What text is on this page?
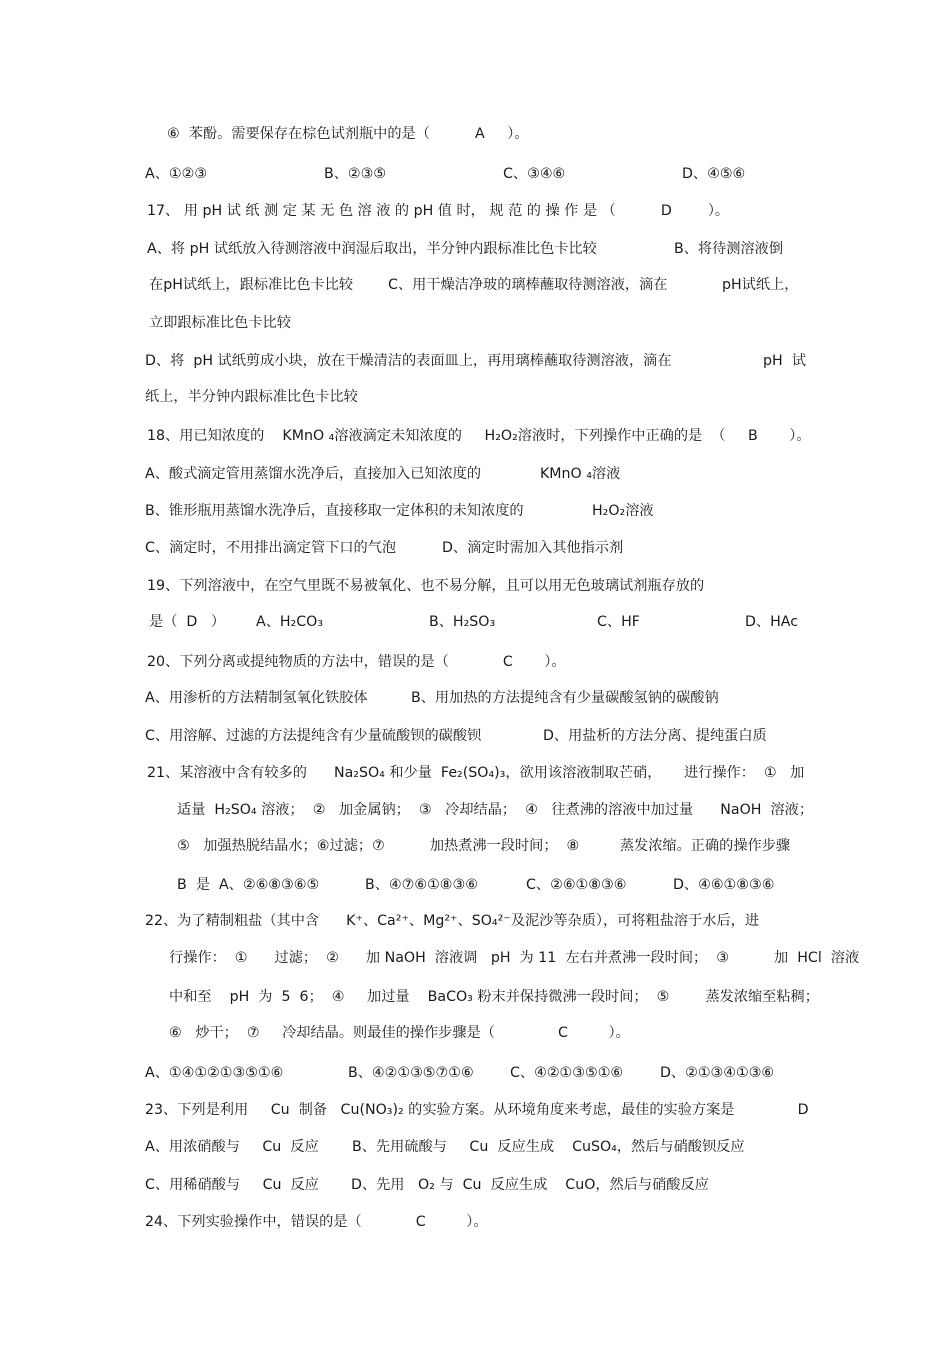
⑥  苯酚。需要保存在棕色试剂瓶中的是（          A     ）。
A、①②③	B、②③⑤	C、③④⑥	D、④⑤⑥
17、 用 pH 试 纸 测 定 某 无 色 溶 液 的 pH 值 时， 规 范 的 操 作 是 （          D        ）。
A、将 pH 试纸放入待测溶液中润湿后取出，半分钟内跟标准比色卡比较	B、将待测溶液倒
在pH试纸上，跟标准比色卡比较 C、用干燥洁净玻的璃棒蘸取待测溶液，滴在	pH试纸上，
立即跟标准比色卡比较
D、将  pH 试纸剪成小块，放在干燥清洁的表面皿上，再用璃棒蘸取待测溶液，滴在	pH  试
纸上，半分钟内跟标准比色卡比较
18、用已知浓度的    KMnO ₄溶液滴定未知浓度的     H₂O₂溶液时，下列操作中正确的是  （     B       ）。
A、酸式滴定管用蒸馏水洗净后，直接加入已知浓度的	KMnO ₄溶液
B、锥形瓶用蒸馏水洗净后，直接移取一定体积的未知浓度的	H₂O₂溶液
C、滴定时，不用排出滴定管下口的气泡	D、滴定时需加入其他指示剂
19、下列溶液中，在空气里既不易被氧化、也不易分解，且可以用无色玻璃试剂瓶存放的
是（  D   ） A、H₂CO₃	B、H₂SO₃	C、HF	D、HAc
20、下列分离或提纯物质的方法中，错误的是（            C       ）。
A、用渗析的方法精制氢氧化铁胶体	B、用加热的方法提纯含有少量碳酸氢钠的碳酸钠
C、用溶解、过滤的方法提纯含有少量硫酸钡的碳酸钡	D、用盐析的方法分离、提纯蛋白质
21、某溶液中含有较多的      Na₂SO₄ 和少量  Fe₂(SO₄)₃，欲用该溶液制取芒硝，     进行操作：  ①   加
适量  H₂SO₄ 溶液；  ②   加金属钠；  ③   冷却结晶；  ④   往煮沸的溶液中加过量      NaOH  溶液；
⑤   加强热脱结晶水；⑥过滤；⑦          加热煮沸一段时间；  ⑧         蒸发浓缩。正确的操作步骤
B  是  A、②⑥⑧③⑥⑤	B、④⑦⑥①⑧③⑥	C、②⑥①⑧③⑥	D、④⑥①⑧③⑥
22、为了精制粗盐（其中含      K⁺、Ca²⁺、Mg²⁺、SO₄²⁻及泥沙等杂质），可将粗盐溶于水后，进
行操作：  ①      过滤；  ②      加 NaOH  溶液调   pH  为 11  左右并煮沸一段时间；  ③          加  HCl  溶液
中和至    pH  为  5  6；  ④     加过量    BaCO₃ 粉末并保持微沸一段时间；  ⑤        蒸发浓缩至粘稠；
⑥   炒干；  ⑦     冷却结晶。则最佳的操作步骤是（              C         ）。
A、①④①②①③⑤①⑥	B、④②①③⑤⑦①⑥	C、④②①③⑤①⑥	D、②①③④①③⑥
23、下列是利用     Cu  制备   Cu(NO₃)₂ 的实验方案。从环境角度来考虑，最佳的实验方案是              D
A、用浓硝酸与     Cu  反应 B、先用硫酸与     Cu  反应生成    CuSO₄，然后与硝酸钡反应
C、用稀硝酸与     Cu  反应 D、先用   O₂ 与  Cu  反应生成    CuO，然后与硝酸反应
24、下列实验操作中，错误的是（            C         ）。
